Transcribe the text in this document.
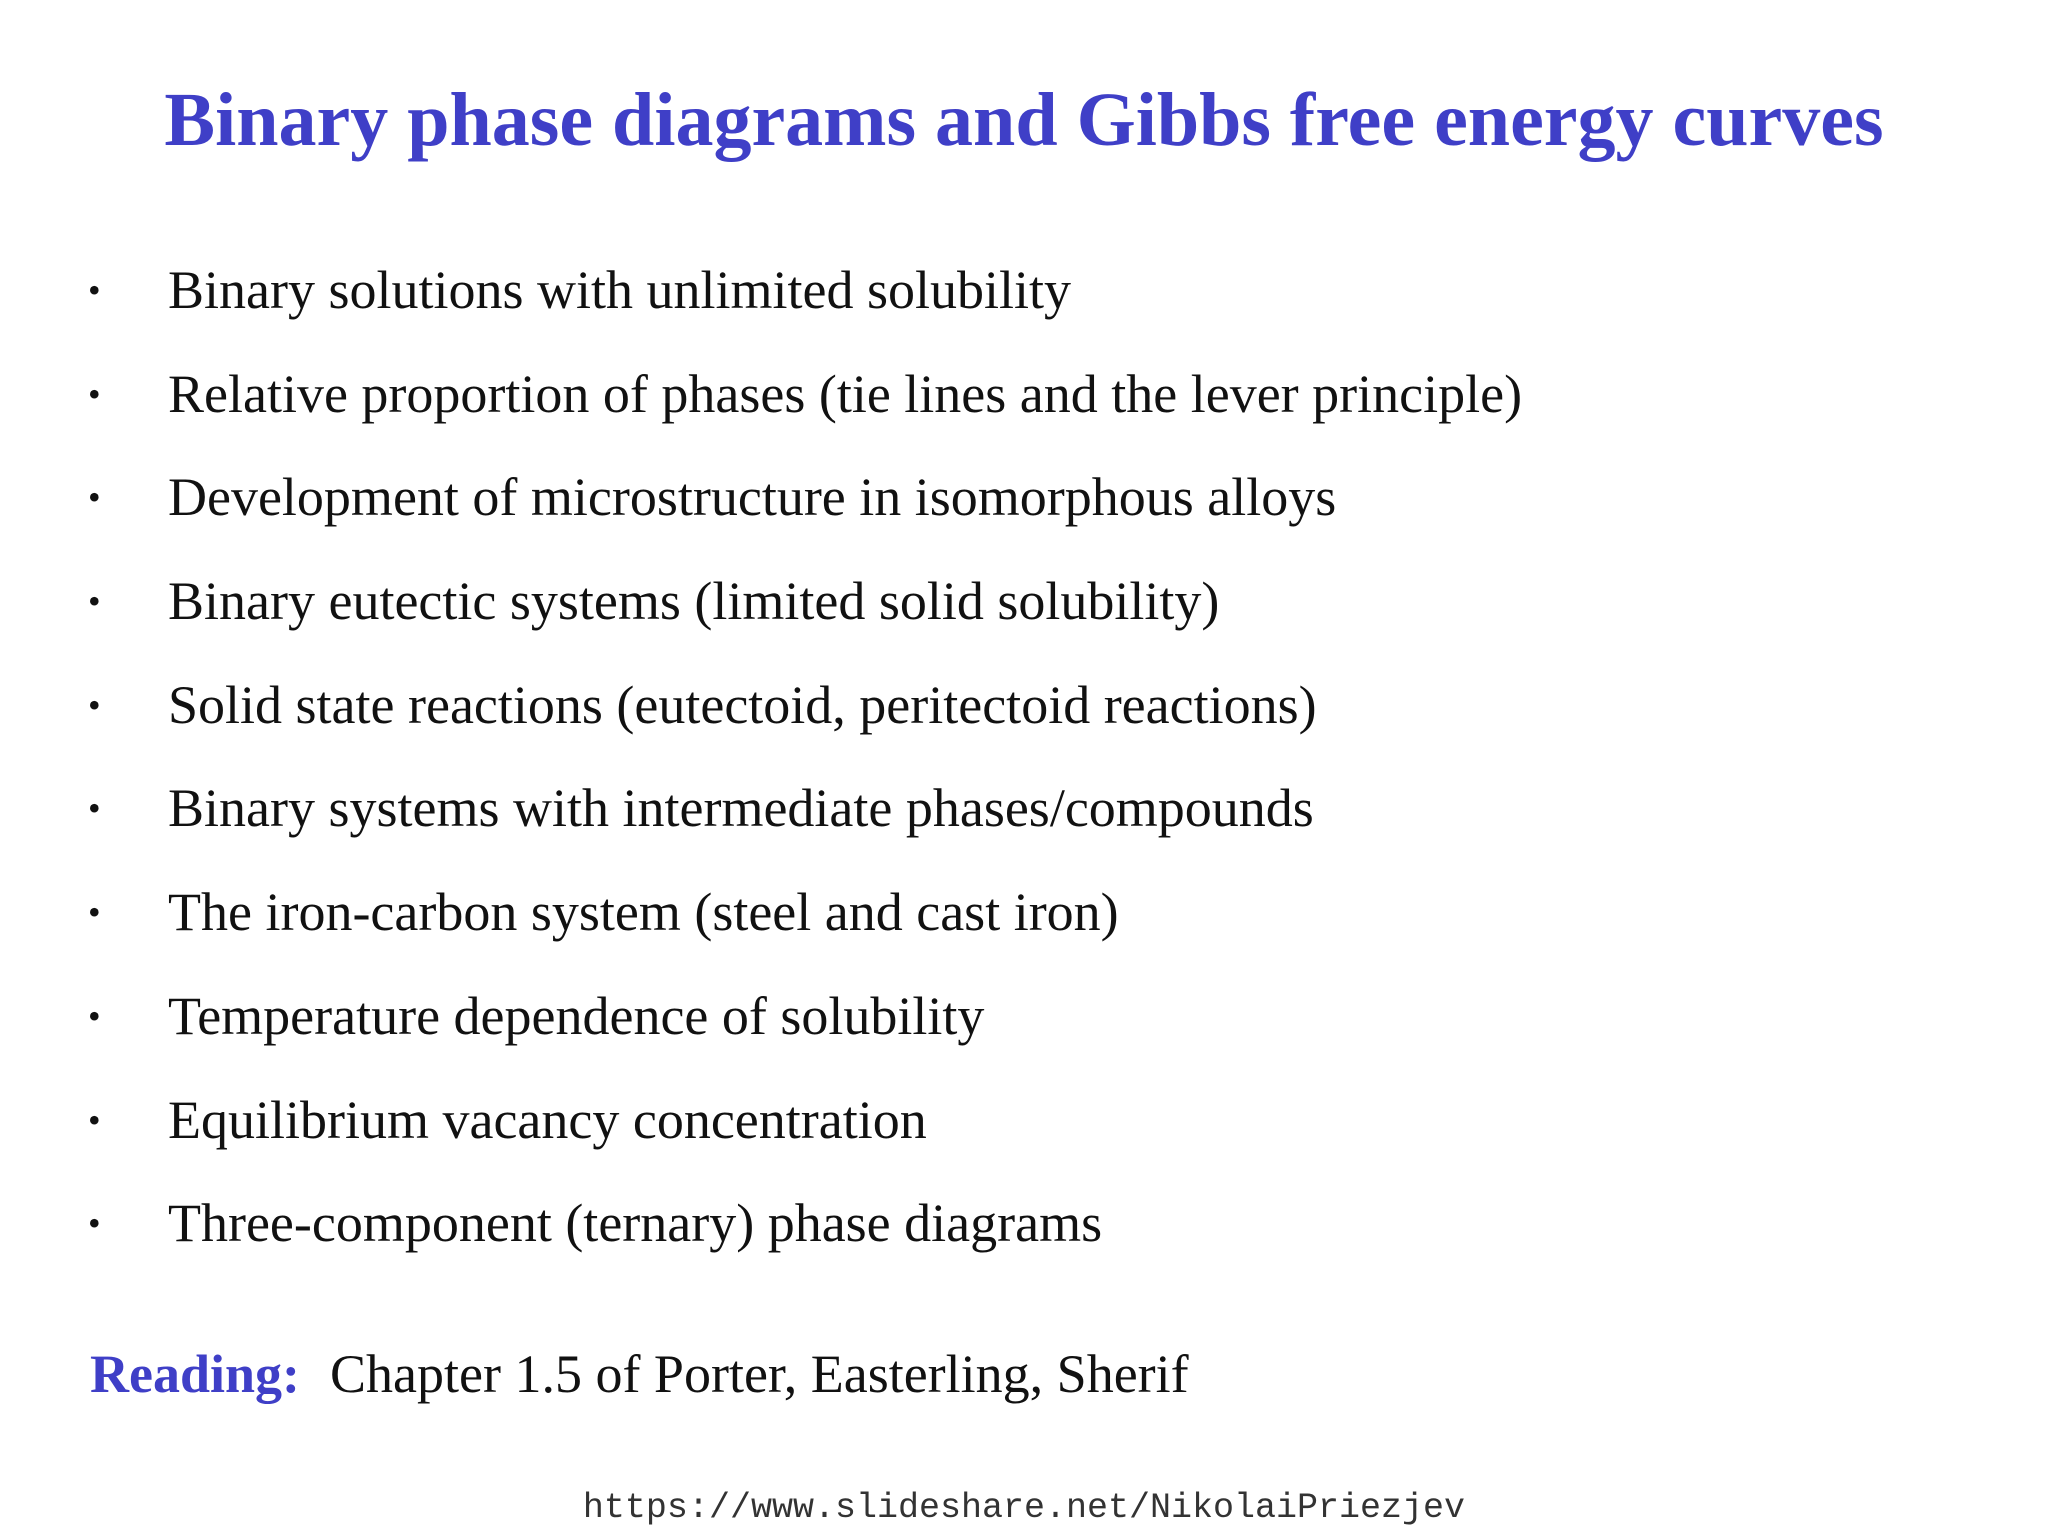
Binary phase diagrams and Gibbs free energy curves
• Binary solutions with unlimited solubility
• Relative proportion of phases (tie lines and the lever principle)
• Development of microstructure in isomorphous alloys
• Binary eutectic systems (limited solid solubility)
• Solid state reactions (eutectoid, peritectoid reactions)
• Binary systems with intermediate phases/compounds
• The iron-carbon system (steel and cast iron)
• Temperature dependence of solubility
• Equilibrium vacancy concentration
• Three-component (ternary) phase diagrams
Reading: Chapter 1.5 of Porter, Easterling, Sherif
https://www.slideshare.net/NikolaiPriezjev
